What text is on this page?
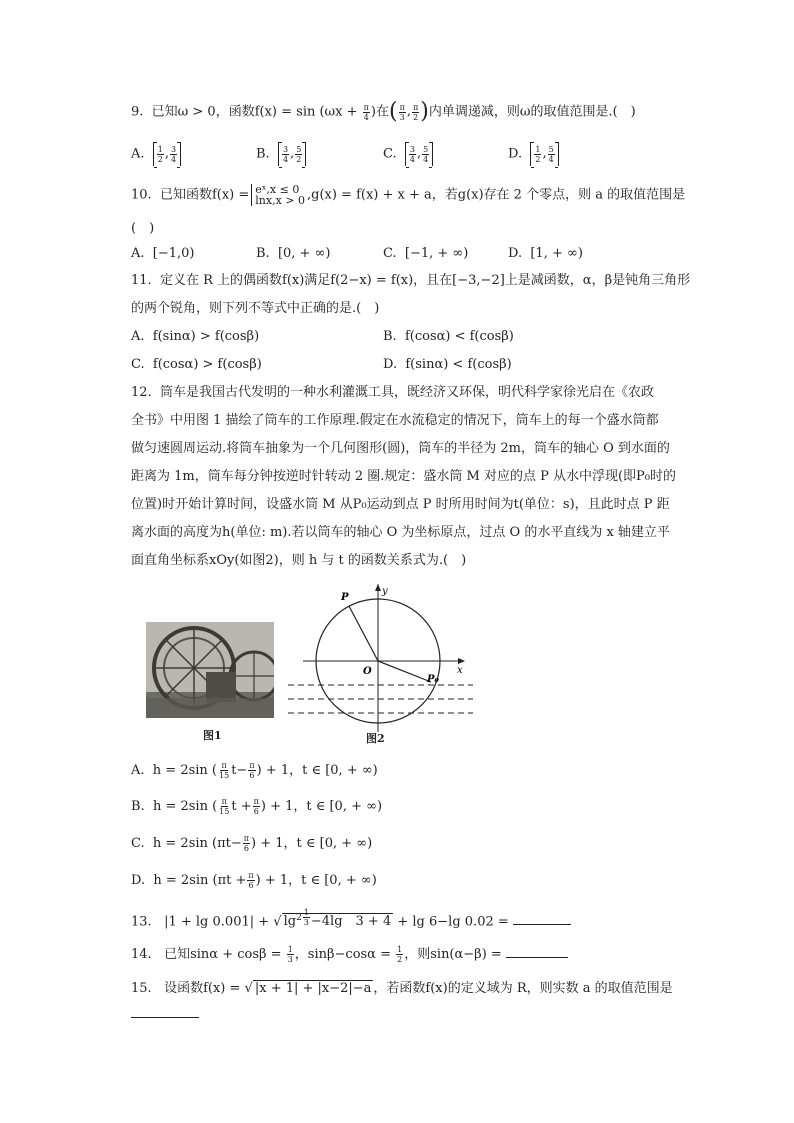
9. 已知ω > 0，函数$f(x) = \sin (\omega x + \frac{\pi}{4}$ )在 ( $\frac{\pi}{3}$ , $\frac{\pi}{2}$ ) 内单调递减，则ω的取值范围是.(　)
A. $\frac{1}{2}$ , $\frac{3}{4}$	B. $\frac{3}{4}$ , $\frac{5}{2}$	C. $\frac{3}{4}$ , $\frac{5}{4}$	D. $\frac{1}{2}$ , $\frac{5}{4}$
10. 已知函数f(x) = eˣ,x ≤ 0
lnx,x > 0 ,g(x) = f(x) + x + a，若g(x)存在 2 个零点，则 a 的取值范围是
(　)
A. [−1,0)	B. [0, + ∞)	C. [−1, + ∞)	D. [1, + ∞)
11. 定义在 R 上的偶函数f(x)满足f(2−x) = f(x)，且在[−3,−2]上是减函数，α，β是钝角三角形
的两个锐角，则下列不等式中正确的是.(　)
A. f(sinα) > f(cosβ)	B. f(cosα) < f(cosβ)
C. f(cosα) > f(cosβ)	D. f(sinα) < f(cosβ)
12. 筒车是我国古代发明的一种水利灌溉工具，既经济又环保，明代科学家徐光启在《农政
全书》中用图 1 描绘了筒车的工作原理.假定在水流稳定的情况下，筒车上的每一个盛水筒都
做匀速圆周运动.将筒车抽象为一个几何图形(圆)，筒车的半径为 2m，筒车的轴心 O 到水面的
距离为 1m，筒车每分钟按逆时针转动 2 圈.规定：盛水筒 M 对应的点 P 从水中浮现(即P₀时的
位置)时开始计算时间，设盛水筒 M 从P₀运动到点 P 时所用时间为t(单位：s)，且此时点 P 距
离水面的高度为h(单位: m).若以筒车的轴心 O 为坐标原点，过点 O 的水平直线为 x 轴建立平
面直角坐标系xOy(如图2)，则 h 与 t 的函数关系式为.(　)
图1
P
y
O	x
P₀
图2
A. h = 2sin ( $\frac{\pi}{15} t- \frac{\pi}{6}$ ) + 1，t ∈ [0, + ∞)
B. h = 2sin ( $\frac{\pi}{15}$ $t + \frac{\pi}{6}$ ) + 1，t ∈ [0, + ∞)
C. h = 2sin ($\pi t- \frac{\pi}{6}$ ) + 1，t ∈ [0, + ∞)
D. h = 2sin ($\pi t + \frac{\pi}{6}$ ) + 1，t ∈ [0, + ∞)
13. |1 + lg 0.001| + √ $\lg^{2 \frac{1}{3}} -4\lg$　3 + 4 + lg 6−lg 0.02 =
14. 已知$\sin\alpha + \cos\beta = \frac{1}{3}$ ，$\sin\beta-\cos\alpha = \frac{1}{2}$ ，则sin(α−β) =
15. 设函数f(x) = √ |x + 1| + |x−2|−a ，若函数f(x)的定义域为 R，则实数 a 的取值范围是
